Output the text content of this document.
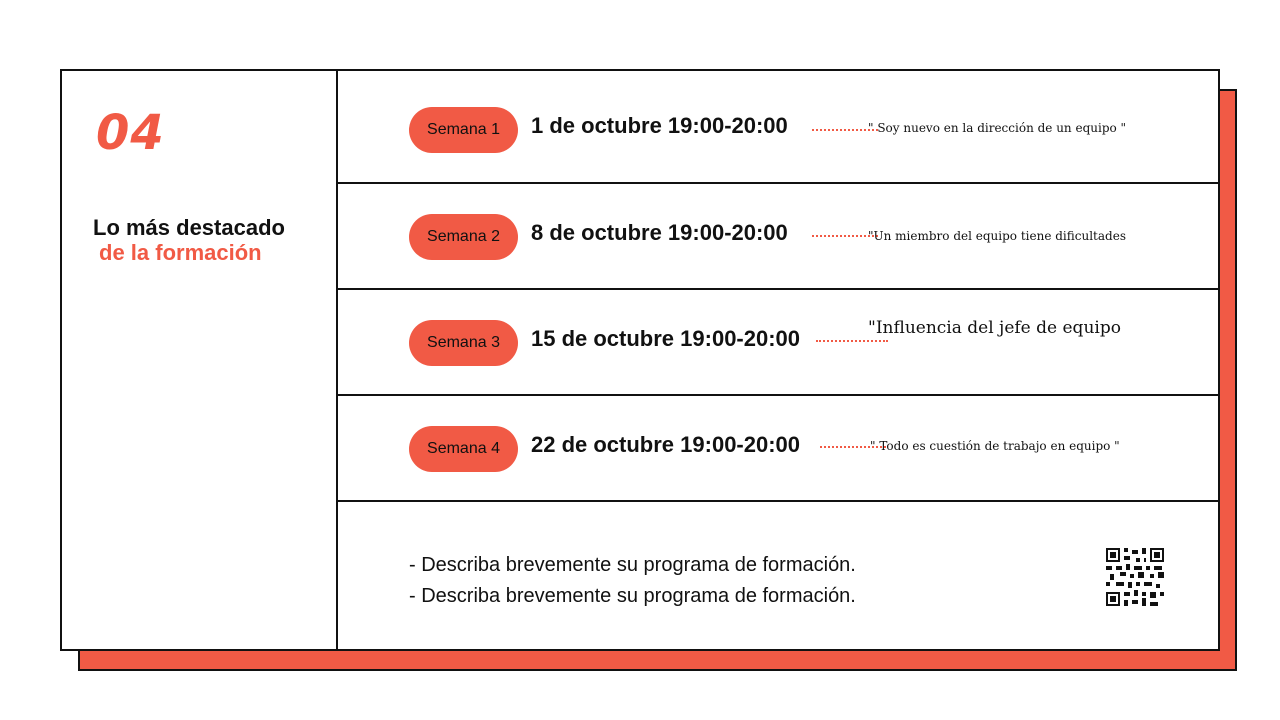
04
Lo más destacado
de la formación
Semana 1	1 de octubre 19:00-20:00	" Soy nuevo en la dirección de un equipo "
Semana 2	8 de octubre 19:00-20:00	"Un miembro del equipo tiene dificultades
Semana 3	15 de octubre 19:00-20:00	"Influencia del jefe de equipo
Semana 4	22 de octubre 19:00-20:00	" Todo es cuestión de trabajo en equipo "
- Describa brevemente su programa de formación.
- Describa brevemente su programa de formación.
